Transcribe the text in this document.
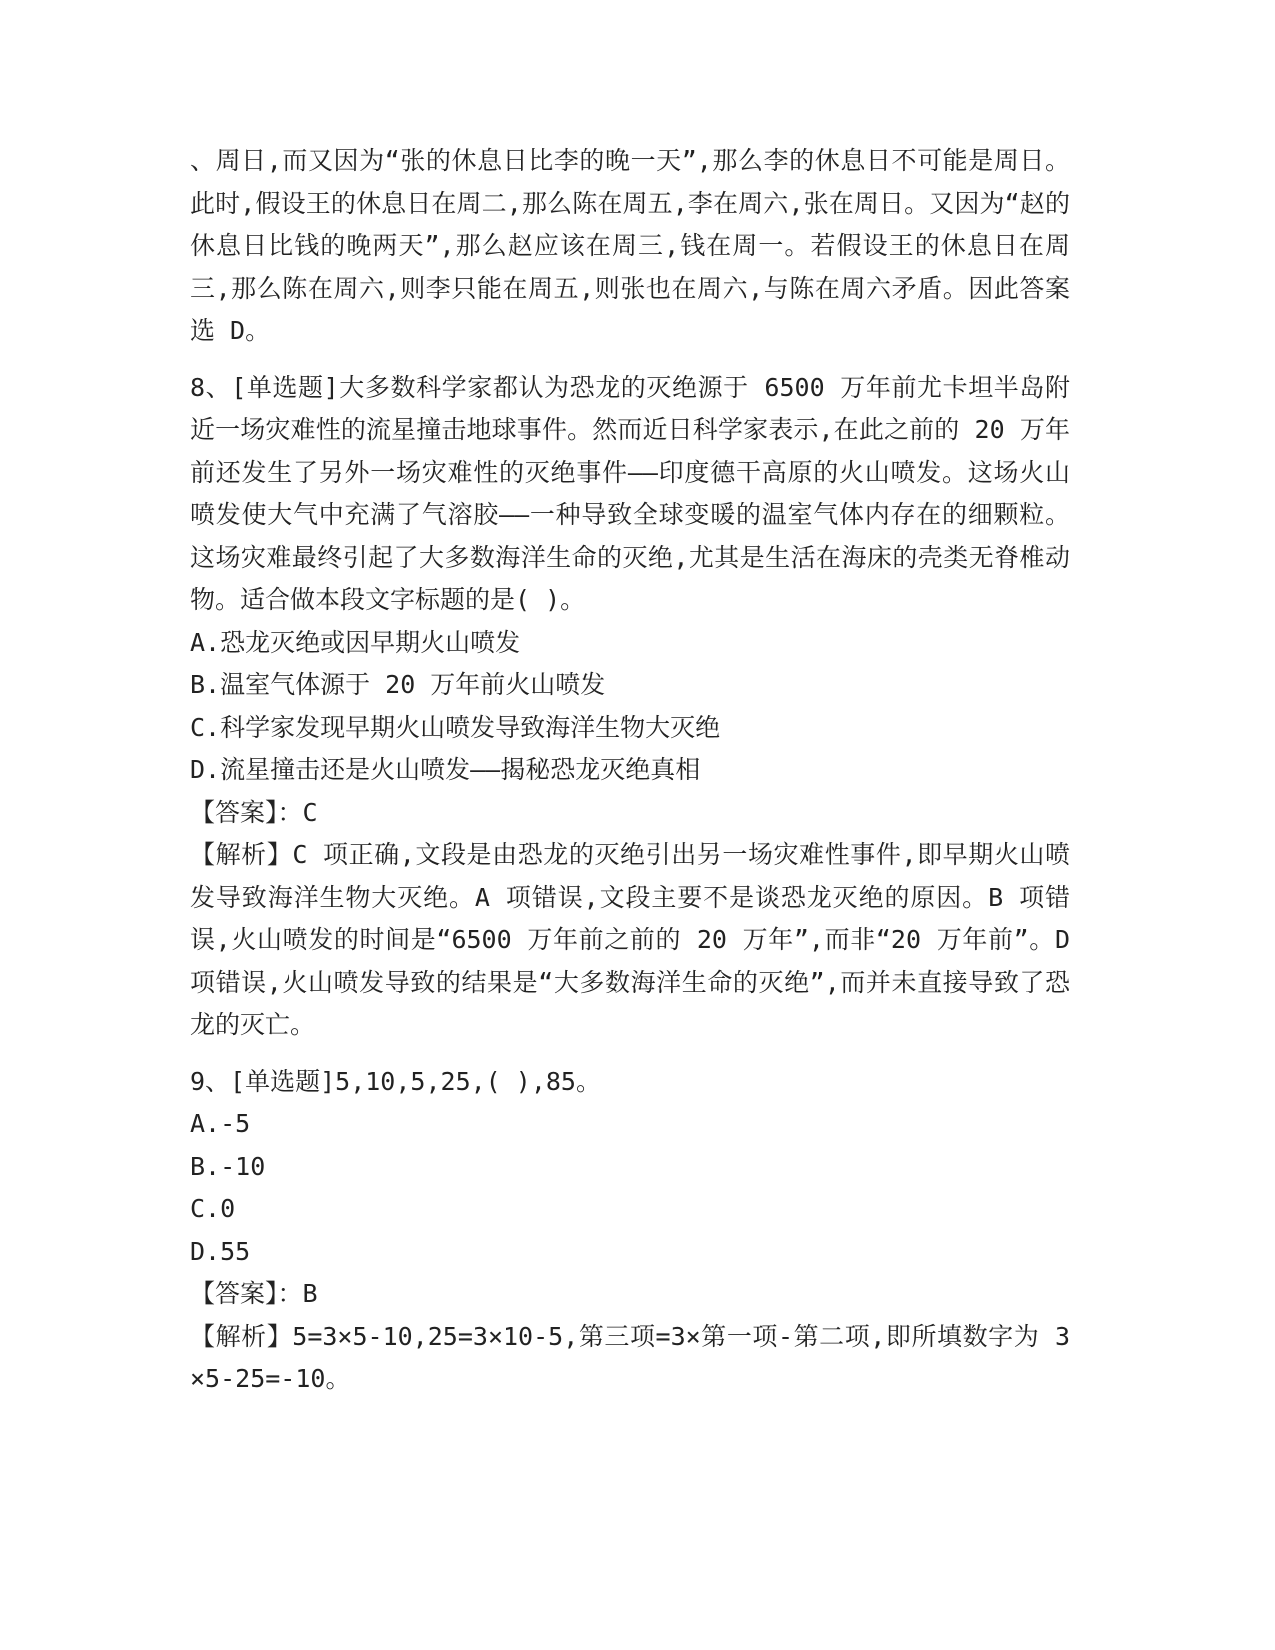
、周日,而又因为“张的休息日比李的晚一天”,那么李的休息日不可能是周日。此时,假设王的休息日在周二,那么陈在周五,李在周六,张在周日。又因为“赵的休息日比钱的晚两天”,那么赵应该在周三,钱在周一。若假设王的休息日在周三,那么陈在周六,则李只能在周五,则张也在周六,与陈在周六矛盾。因此答案选 D。

8、[单选题]大多数科学家都认为恐龙的灭绝源于 6500 万年前尤卡坦半岛附近一场灾难性的流星撞击地球事件。然而近日科学家表示,在此之前的 20 万年前还发生了另外一场灾难性的灭绝事件——印度德干高原的火山喷发。这场火山喷发使大气中充满了气溶胶——一种导致全球变暖的温室气体内存在的细颗粒。这场灾难最终引起了大多数海洋生命的灭绝,尤其是生活在海床的壳类无脊椎动物。适合做本段文字标题的是( )。

A.恐龙灭绝或因早期火山喷发

B.温室气体源于 20 万年前火山喷发

C.科学家发现早期火山喷发导致海洋生物大灭绝

D.流星撞击还是火山喷发——揭秘恐龙灭绝真相

【答案】：C

【解析】C 项正确,文段是由恐龙的灭绝引出另一场灾难性事件,即早期火山喷发导致海洋生物大灭绝。A 项错误,文段主要不是谈恐龙灭绝的原因。B 项错误,火山喷发的时间是“6500 万年前之前的 20 万年”,而非“20 万年前”。D 项错误,火山喷发导致的结果是“大多数海洋生命的灭绝”,而并未直接导致了恐龙的灭亡。

9、[单选题]5,10,5,25,( ),85。

A.-5

B.-10

C.0

D.55

【答案】：B

【解析】5=3×5-10,25=3×10-5,第三项=3×第一项-第二项,即所填数字为 3×5-25=-10。
